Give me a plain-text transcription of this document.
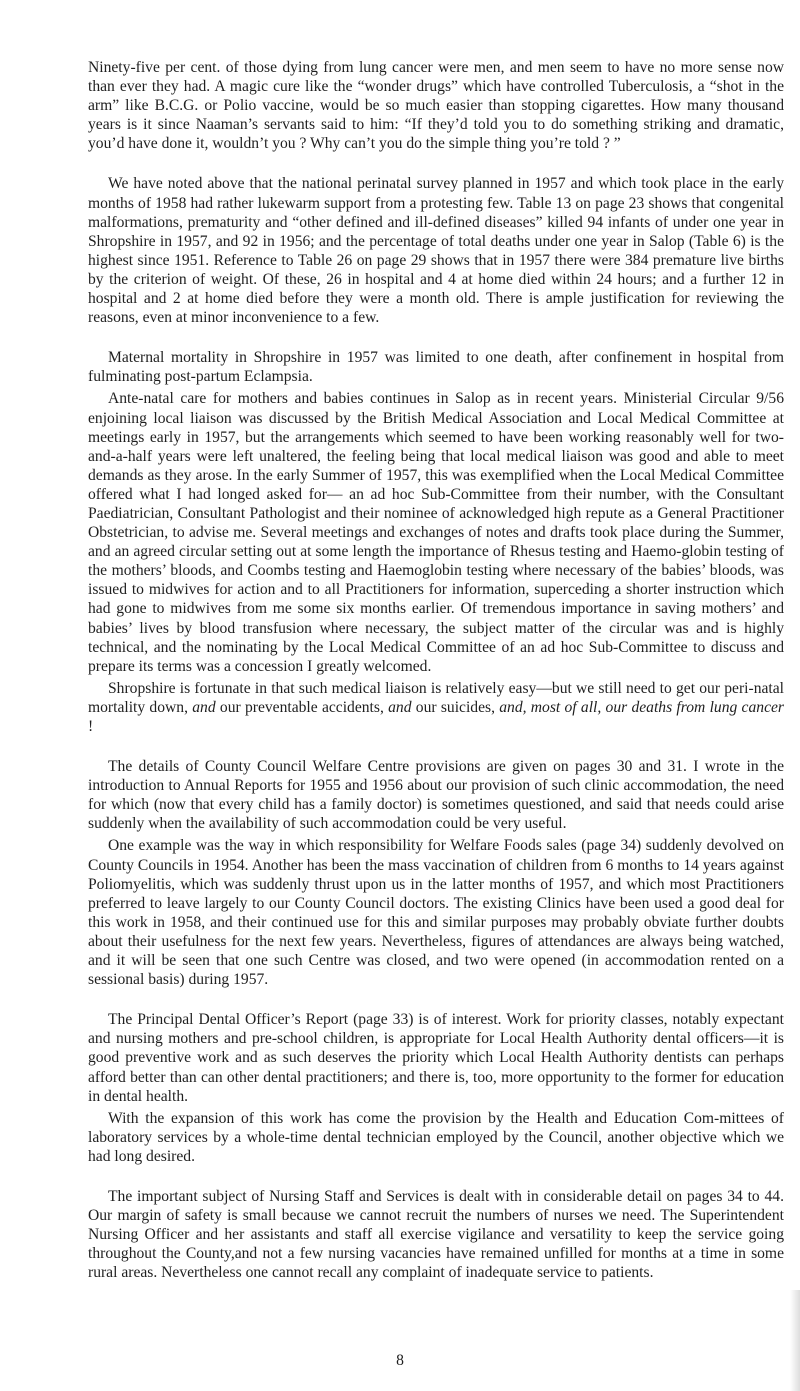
Ninety-five per cent. of those dying from lung cancer were men, and men seem to have no more sense now than ever they had. A magic cure like the “wonder drugs” which have controlled Tuberculosis, a “shot in the arm” like B.C.G. or Polio vaccine, would be so much easier than stopping cigarettes. How many thousand years is it since Naaman’s servants said to him: “If they’d told you to do something striking and dramatic, you’d have done it, wouldn’t you ? Why can’t you do the simple thing you’re told ? ”

We have noted above that the national perinatal survey planned in 1957 and which took place in the early months of 1958 had rather lukewarm support from a protesting few. Table 13 on page 23 shows that congenital malformations, prematurity and “other defined and ill-defined diseases” killed 94 infants of under one year in Shropshire in 1957, and 92 in 1956; and the percentage of total deaths under one year in Salop (Table 6) is the highest since 1951. Reference to Table 26 on page 29 shows that in 1957 there were 384 premature live births by the criterion of weight. Of these, 26 in hospital and 4 at home died within 24 hours; and a further 12 in hospital and 2 at home died before they were a month old. There is ample justification for reviewing the reasons, even at minor inconvenience to a few.

Maternal mortality in Shropshire in 1957 was limited to one death, after confinement in hospital from fulminating post-partum Eclampsia.

Ante-natal care for mothers and babies continues in Salop as in recent years. Ministerial Circular 9/56 enjoining local liaison was discussed by the British Medical Association and Local Medical Committee at meetings early in 1957, but the arrangements which seemed to have been working reasonably well for two-and-a-half years were left unaltered, the feeling being that local medical liaison was good and able to meet demands as they arose. In the early Summer of 1957, this was exemplified when the Local Medical Committee offered what I had longed asked for— an ad hoc Sub-Committee from their number, with the Consultant Paediatrician, Consultant Pathologist and their nominee of acknowledged high repute as a General Practitioner Obstetrician, to advise me. Several meetings and exchanges of notes and drafts took place during the Summer, and an agreed circular setting out at some length the importance of Rhesus testing and Haemo-globin testing of the mothers’ bloods, and Coombs testing and Haemoglobin testing where necessary of the babies’ bloods, was issued to midwives for action and to all Practitioners for information, superceding a shorter instruction which had gone to midwives from me some six months earlier. Of tremendous importance in saving mothers’ and babies’ lives by blood transfusion where necessary, the subject matter of the circular was and is highly technical, and the nominating by the Local Medical Committee of an ad hoc Sub-Committee to discuss and prepare its terms was a concession I greatly welcomed.

Shropshire is fortunate in that such medical liaison is relatively easy—but we still need to get our peri-natal mortality down, and our preventable accidents, and our suicides, and, most of all, our deaths from lung cancer !

The details of County Council Welfare Centre provisions are given on pages 30 and 31. I wrote in the introduction to Annual Reports for 1955 and 1956 about our provision of such clinic accommodation, the need for which (now that every child has a family doctor) is sometimes questioned, and said that needs could arise suddenly when the availability of such accommodation could be very useful.

One example was the way in which responsibility for Welfare Foods sales (page 34) suddenly devolved on County Councils in 1954. Another has been the mass vaccination of children from 6 months to 14 years against Poliomyelitis, which was suddenly thrust upon us in the latter months of 1957, and which most Practitioners preferred to leave largely to our County Council doctors. The existing Clinics have been used a good deal for this work in 1958, and their continued use for this and similar purposes may probably obviate further doubts about their usefulness for the next few years. Nevertheless, figures of attendances are always being watched, and it will be seen that one such Centre was closed, and two were opened (in accommodation rented on a sessional basis) during 1957.

The Principal Dental Officer’s Report (page 33) is of interest. Work for priority classes, notably expectant and nursing mothers and pre-school children, is appropriate for Local Health Authority dental officers—it is good preventive work and as such deserves the priority which Local Health Authority dentists can perhaps afford better than can other dental practitioners; and there is, too, more opportunity to the former for education in dental health.

With the expansion of this work has come the provision by the Health and Education Com-mittees of laboratory services by a whole-time dental technician employed by the Council, another objective which we had long desired.

The important subject of Nursing Staff and Services is dealt with in considerable detail on pages 34 to 44. Our margin of safety is small because we cannot recruit the numbers of nurses we need. The Superintendent Nursing Officer and her assistants and staff all exercise vigilance and versatility to keep the service going throughout the County,and not a few nursing vacancies have remained unfilled for months at a time in some rural areas. Nevertheless one cannot recall any complaint of inadequate service to patients.

8
